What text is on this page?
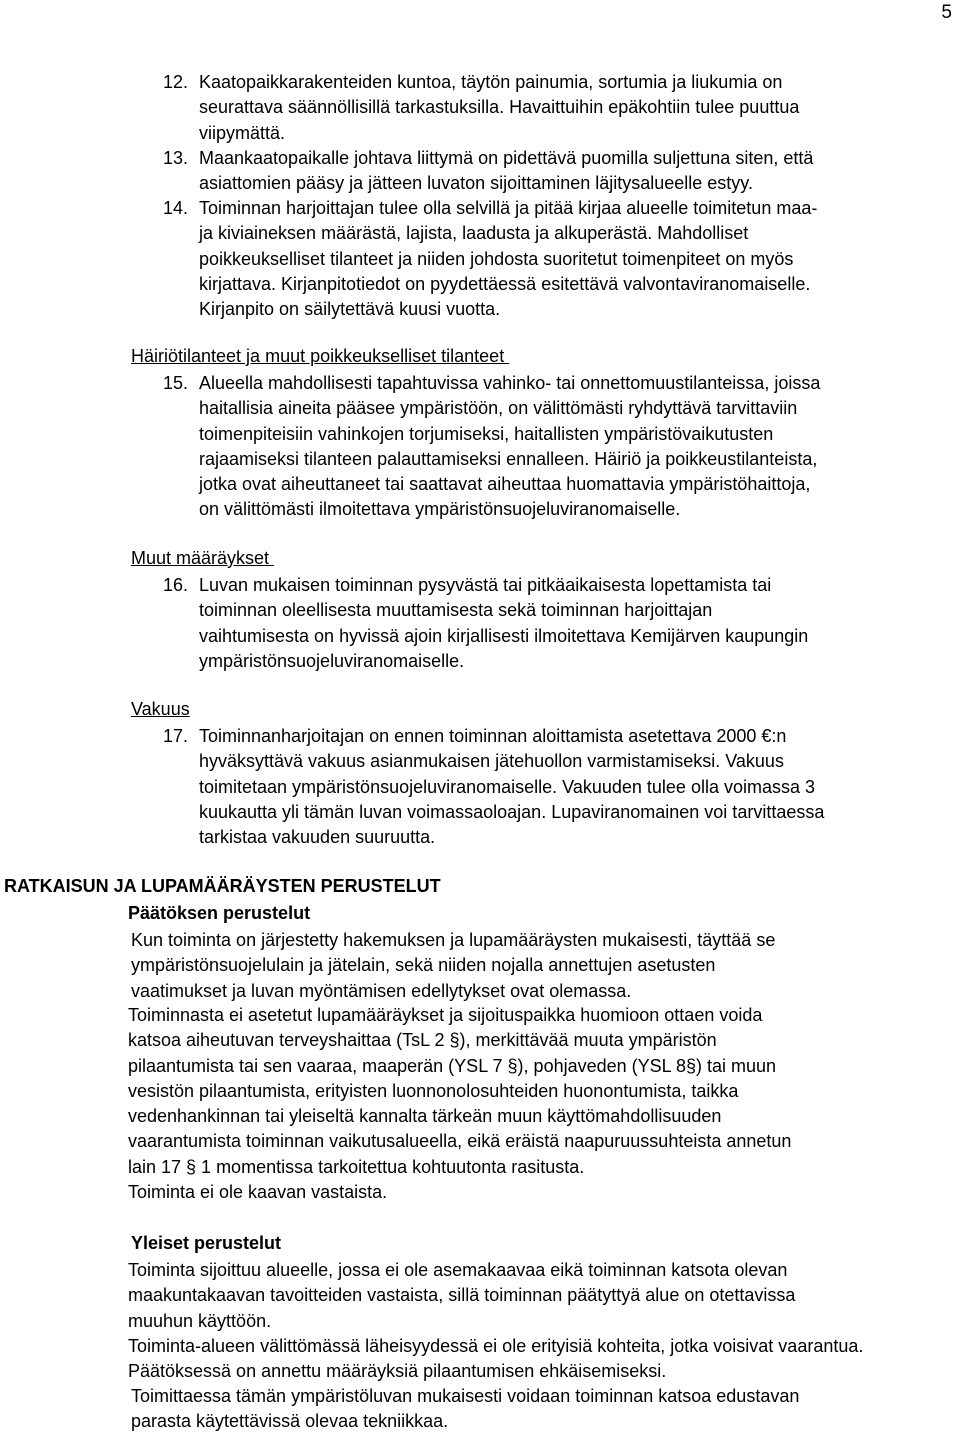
5
12. Kaatopaikkarakenteiden kuntoa, täytön painumia, sortumia ja liukumia on
seurattava säännöllisillä tarkastuksilla. Havaittuihin epäkohtiin tulee puuttua
viipymättä.
13. Maankaatopaikalle johtava liittymä on pidettävä puomilla suljettuna siten, että
asiattomien pääsy ja jätteen luvaton sijoittaminen läjitysalueelle estyy.
14. Toiminnan harjoittajan tulee olla selvillä ja pitää kirjaa alueelle toimitetun maa-
ja kiviaineksen määrästä, lajista, laadusta ja alkuperästä. Mahdolliset
poikkeukselliset tilanteet ja niiden johdosta suoritetut toimenpiteet on myös
kirjattava. Kirjanpitotiedot on pyydettäessä esitettävä valvontaviranomaiselle.
Kirjanpito on säilytettävä kuusi vuotta.
Häiriötilanteet ja muut poikkeukselliset tilanteet
15. Alueella mahdollisesti tapahtuvissa vahinko- tai onnettomuustilanteissa, joissa
haitallisia aineita pääsee ympäristöön, on välittömästi ryhdyttävä tarvittaviin
toimenpiteisiin vahinkojen torjumiseksi, haitallisten ympäristövaikutusten
rajaamiseksi tilanteen palauttamiseksi ennalleen. Häiriö ja poikkeustilanteista,
jotka ovat aiheuttaneet tai saattavat aiheuttaa huomattavia ympäristöhaittoja,
on välittömästi ilmoitettava ympäristönsuojeluviranomaiselle.
Muut määräykset
16. Luvan mukaisen toiminnan pysyvästä tai pitkäaikaisesta lopettamista tai
toiminnan oleellisesta muuttamisesta sekä toiminnan harjoittajan
vaihtumisesta on hyvissä ajoin kirjallisesti ilmoitettava Kemijärven kaupungin
ympäristönsuojeluviranomaiselle.
Vakuus
17. Toiminnanharjoitajan on ennen toiminnan aloittamista asetettava 2000 €:n
hyväksyttävä vakuus asianmukaisen jätehuollon varmistamiseksi. Vakuus
toimitetaan ympäristönsuojeluviranomaiselle. Vakuuden tulee olla voimassa 3
kuukautta yli tämän luvan voimassaoloajan. Lupaviranomainen voi tarvittaessa
tarkistaa vakuuden suuruutta.
RATKAISUN JA LUPAMÄÄRÄYSTEN PERUSTELUT
Päätöksen perustelut
Kun toiminta on järjestetty hakemuksen ja lupamääräysten mukaisesti, täyttää se
ympäristönsuojelulain ja jätelain, sekä niiden nojalla annettujen asetusten
vaatimukset ja luvan myöntämisen edellytykset ovat olemassa.
Toiminnasta ei asetetut lupamääräykset ja sijoituspaikka huomioon ottaen voida
katsoa aiheutuvan terveyshaittaa (TsL 2 §), merkittävää muuta ympäristön
pilaantumista tai sen vaaraa, maaperän (YSL 7 §), pohjaveden (YSL 8§) tai muun
vesistön pilaantumista, erityisten luonnonolosuhteiden huonontumista, taikka
vedenhankinnan tai yleiseltä kannalta tärkeän muun käyttömahdollisuuden
vaarantumista toiminnan vaikutusalueella, eikä eräistä naapuruussuhteista annetun
lain 17 § 1 momentissa tarkoitettua kohtuutonta rasitusta.
Toiminta ei ole kaavan vastaista.
Yleiset perustelut
Toiminta sijoittuu alueelle, jossa ei ole asemakaavaa eikä toiminnan katsota olevan
maakuntakaavan tavoitteiden vastaista, sillä toiminnan päätyttyä alue on otettavissa
muuhun käyttöön.
Toiminta-alueen välittömässä läheisyydessä ei ole erityisiä kohteita, jotka voisivat vaarantua.
Päätöksessä on annettu määräyksiä pilaantumisen ehkäisemiseksi.
Toimittaessa tämän ympäristöluvan mukaisesti voidaan toiminnan katsoa edustavan
parasta käytettävissä olevaa tekniikkaa.
